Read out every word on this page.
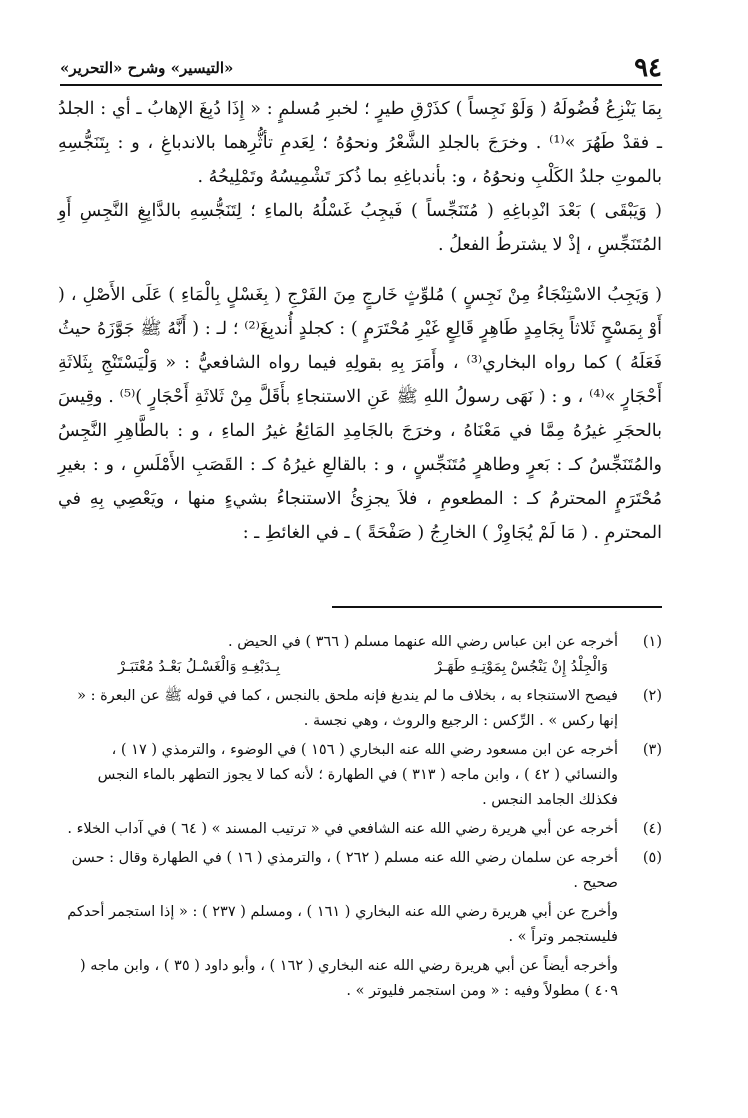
٩٤
«التيسير» وشرح «التحرير»

بِمَا يَنْزِعُ فُضُولَهُ ( وَلَوْ نَجِساً ) كذَرْقِ طيرٍ ؛ لخبرِ مُسلمٍ : « إِذَا دُبِغَ الإهابُ ـ أي : الجلدُ ـ فقدْ طَهُرَ »⁽¹⁾ . وخرَجَ بالجلدِ الشَّعْرُ ونحوُهُ ؛ لِعَدمِ تأثُّرِهما بالاندباغِ ، و : بِتَنَجُّسِهِ بالموتِ جلدُ الكَلْبِ ونحوُهُ ، و: بأندباغِهِ بما ذُكرَ تَشْمِيسُهُ وتَمْلِيحُهُ .

( وَيَبْقَى ) بَعْدَ انْدِباغِهِ ( مُتَنَجِّساً ) فَيجِبُ غَسْلُهُ بالماءِ ؛ لِتَنَجُّسِهِ بالدَّابِغِ النَّجِسِ أَوِ المُتَنَجِّسِ ، إذْ لا يشترطُ الفعلُ .

( وَيَجِبُ الاسْتِنْجَاءُ مِنْ نَجِسٍ ) مُلوِّثٍ خَارجٍ مِنَ الفَرْجِ ( بِغَسْلٍ بِالْمَاءِ ) عَلَى الأَصْلِ ، ( أَوْ بِمَسْحٍ ثَلاثاً بِجَامِدٍ طَاهِرٍ قَالِعٍ غَيْرِ مُحْتَرَمٍ ) : كجلدٍ أُندبِغَ⁽²⁾ ؛ لـ : ( أَنَّهُ ﷺ جَوَّزَهُ حيثُ فَعَلَهُ ) كما رواه البخاري⁽³⁾ ، وأَمَرَ بِهِ بقولِهِ فيما رواه الشافعيُّ : « وَلْيَسْتَنْجِ بِثَلاثَةِ أَحْجَارٍ »⁽⁴⁾ ، و : ( نَهَى رسولُ اللهِ ﷺ عَنِ الاستنجاءِ بأَقَلَّ مِنْ ثَلاثَةِ أَحْجَارٍ )⁽⁵⁾ . وقِيسَ بالحجَرِ غيرُهُ مِمَّا في مَعْنَاهُ ، وخرَجَ بالجَامِدِ المَائِعُ غيرُ الماءِ ، و : بالطَّاهِرِ النَّجِسُ والمُتَنَجِّسُ كـ : بَعرٍ وطاهرٍ مُتَنَجِّسٍ ، و : بالقالعِ غيرُهُ كـ : القَصَبِ الأَمْلَسِ ، و : بغيرِ مُحْتَرَمٍ المحترمُ كـ : المطعومِ ، فلاَ يجزِئُ الاستنجاءُ بشيءٍ منها ، ويَعْصِي بِهِ في المحترمِ . ( مَا لَمْ يُجَاوِزْ ) الخارِجُ ( صَفْحَةً ) ـ في الغائطِ ـ :

(١)
أخرجه عن ابن عباس رضي الله عنهما مسلم ( ٣٦٦ ) في الحيض .
وَالْجِلْدُ إِنْ يَنْجُسْ بِمَوْتِـهِ طَهَـرْ
بِـدَبْغِـهِ وَالْغَسْـلُ بَعْـدُ مُعْتَبَـرْ
(٢)
فيصح الاستنجاء به ، بخلاف ما لم يندبغ فإنه ملحق بالنجس ، كما في قوله ﷺ عن البعرة : « إنها ركس » . الرِّكس : الرجيع والروث ، وهي نجسة .
(٣)
أخرجه عن ابن مسعود رضي الله عنه البخاري ( ١٥٦ ) في الوضوء ، والترمذي ( ١٧ ) ، والنسائي ( ٤٢ ) ، وابن ماجه ( ٣١٣ ) في الطهارة ؛ لأنه كما لا يجوز التطهر بالماء النجس فكذلك الجامد النجس .
(٤)
أخرجه عن أبي هريرة رضي الله عنه الشافعي في « ترتيب المسند » ( ٦٤ ) في آداب الخلاء .
(٥)
أخرجه عن سلمان رضي الله عنه مسلم ( ٢٦٢ ) ، والترمذي ( ١٦ ) في الطهارة وقال : حسن صحيح .
وأخرج عن أبي هريرة رضي الله عنه البخاري ( ١٦١ ) ، ومسلم ( ٢٣٧ ) : « إذا استجمر أحدكم فليستجمر وتراً » .
وأخرجه أيضاً عن أبي هريرة رضي الله عنه البخاري ( ١٦٢ ) ، وأبو داود ( ٣٥ ) ، وابن ماجه ( ٤٠٩ ) مطولاً وفيه : « ومن استجمر فليوتر » .
